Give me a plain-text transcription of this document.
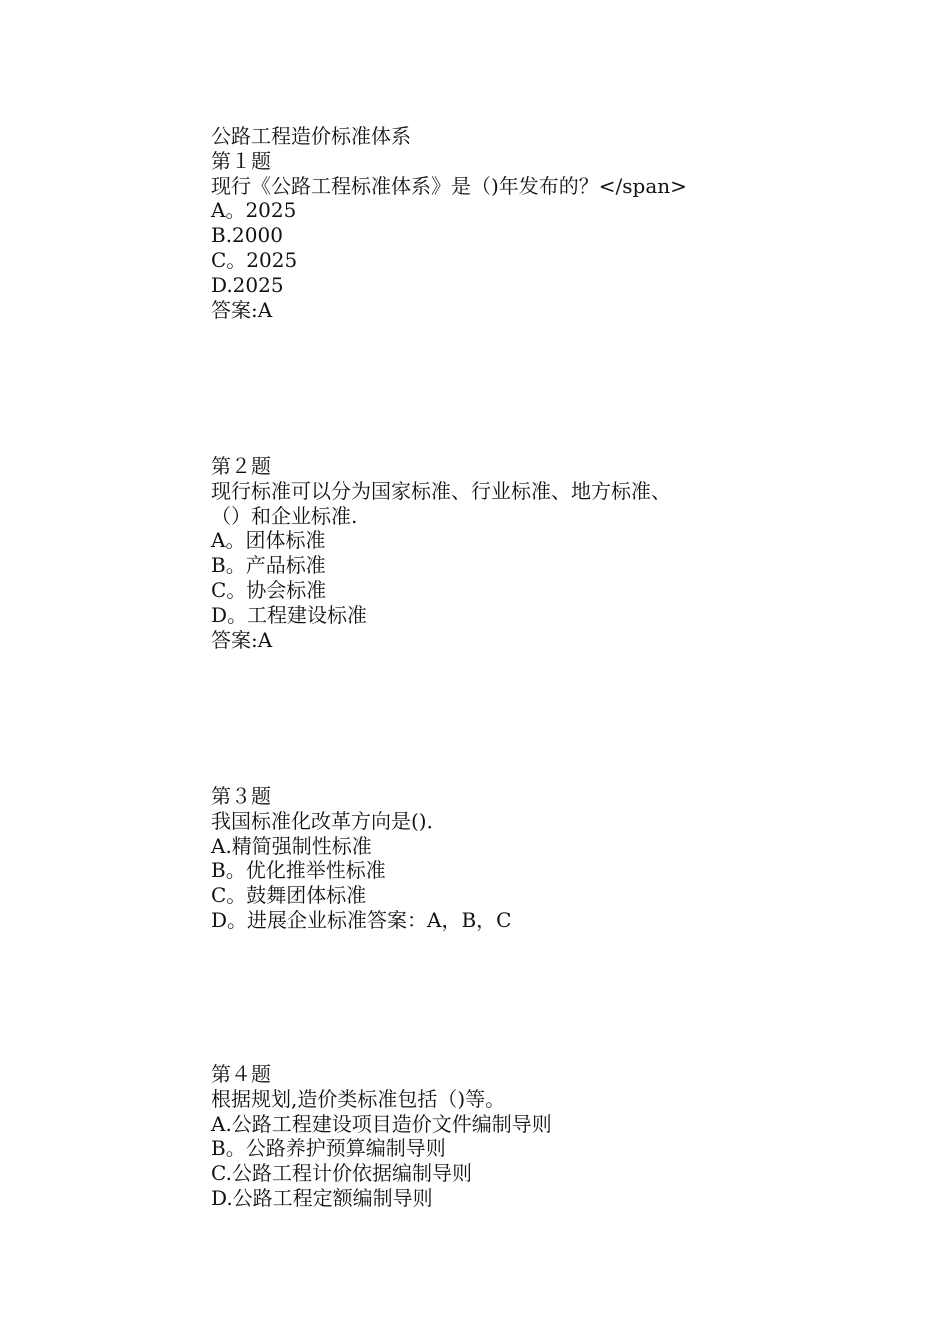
公路工程造价标准体系
第１题
现行《公路工程标准体系》是（)年发布的？</span>
A。2025
B.2000
C。2025
D.2025
答案:A
第２题
现行标准可以分为国家标准、行业标准、地方标准、
（）和企业标准.
A。团体标准
B。产品标准
C。协会标准
D。工程建设标准
答案:A
第３题
我国标准化改革方向是()．
A.精简强制性标准
B。优化推举性标准
C。鼓舞团体标准
D。进展企业标准答案：A，B，C
第４题
根据规划,造价类标准包括（)等。
A.公路工程建设项目造价文件编制导则
B。公路养护预算编制导则
C.公路工程计价依据编制导则
D.公路工程定额编制导则
